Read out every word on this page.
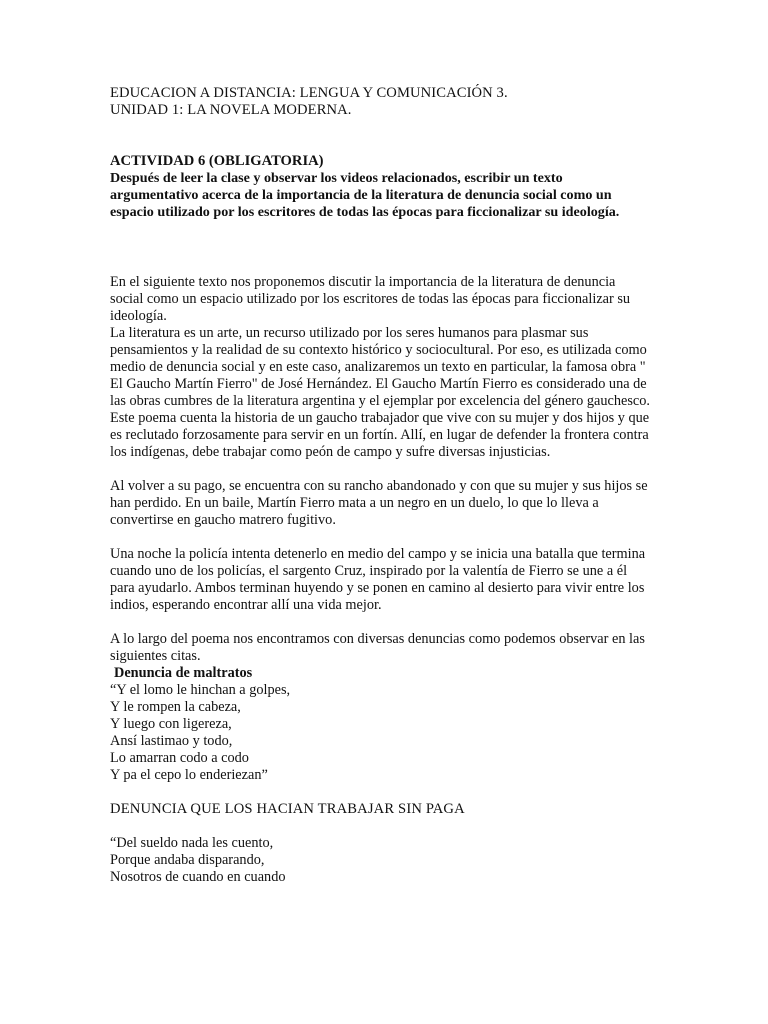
EDUCACION A DISTANCIA: LENGUA Y COMUNICACIÓN 3.

UNIDAD 1: LA NOVELA MODERNA.

ACTIVIDAD 6 (OBLIGATORIA)

Después de leer la clase y observar los videos relacionados, escribir un texto argumentativo acerca de la importancia de la literatura de denuncia social como un espacio utilizado por los escritores de todas las épocas para ficcionalizar su ideología.

En el siguiente texto nos proponemos discutir la importancia de la literatura de denuncia social como un espacio utilizado por los escritores de todas las épocas para ficcionalizar su ideología.

La literatura es un arte, un recurso utilizado por los seres humanos para plasmar sus pensamientos y la realidad de su contexto histórico y sociocultural. Por eso, es utilizada como medio de denuncia social y en este caso, analizaremos un texto en particular, la famosa obra " El Gaucho Martín Fierro" de José Hernández. El Gaucho Martín Fierro es considerado una de las obras cumbres de la literatura argentina y el ejemplar por excelencia del género gauchesco.

Este poema cuenta la historia de un gaucho trabajador que vive con su mujer y dos hijos y que es reclutado forzosamente para servir en un fortín. Allí, en lugar de defender la frontera contra los indígenas, debe trabajar como peón de campo y sufre diversas injusticias.

Al volver a su pago, se encuentra con su rancho abandonado y con que su mujer y sus hijos se han perdido. En un baile, Martín Fierro mata a un negro en un duelo, lo que lo lleva a convertirse en gaucho matrero fugitivo.

Una noche la policía intenta detenerlo en medio del campo y se inicia una batalla que termina cuando uno de los policías, el sargento Cruz, inspirado por la valentía de Fierro se une a él para ayudarlo. Ambos terminan huyendo y se ponen en camino al desierto para vivir entre los indios, esperando encontrar allí una vida mejor.

A lo largo del poema nos encontramos con diversas denuncias como podemos observar en las siguientes citas.

Denuncia de maltratos

“Y el lomo le hinchan a golpes,
Y le rompen la cabeza,
Y luego con ligereza,
Ansí lastimao y todo,
Lo amarran codo a codo
Y pa el cepo lo enderiezan”

DENUNCIA QUE LOS HACIAN TRABAJAR SIN PAGA

“Del sueldo nada les cuento,
Porque andaba disparando,
Nosotros de cuando en cuando
